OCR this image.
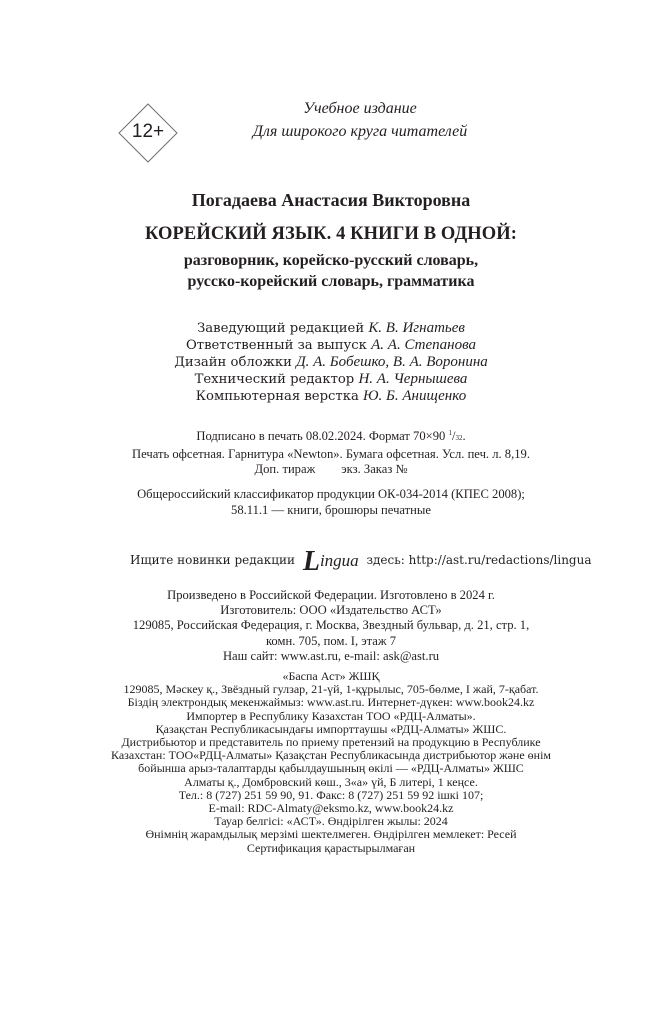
12+
Учебное издание
Для широкого круга читателей
Погадаева Анастасия Викторовна
КОРЕЙСКИЙ ЯЗЫК. 4 КНИГИ В ОДНОЙ:
разговорник, корейско-русский словарь,
русско-корейский словарь, грамматика
Заведующий редакцией К. В. Игнатьев
Ответственный за выпуск А. А. Степанова
Дизайн обложки Д. А. Бобешко, В. А. Воронина
Технический редактор Н. А. Чернышева
Компьютерная верстка Ю. Б. Анищенко
Подписано в печать 08.02.2024. Формат 70×90 $^1$/32.
Печать офсетная. Гарнитура «Newton». Бумага офсетная. Усл. печ. л. 8,19.
Доп. тираж экз. Заказ №
Общероссийский классификатор продукции ОК-034-2014 (КПЕС 2008);
58.11.1 — книги, брошюры печатные
Ищите новинки редакции Lingua здесь: http://ast.ru/redactions/lingua
Произведено в Российской Федерации. Изготовлено в 2024 г.
Изготовитель: ООО «Издательство АСТ»
129085, Российская Федерация, г. Москва, Звездный бульвар, д. 21, стр. 1,
комн. 705, пом. I, этаж 7
Наш сайт: www.ast.ru, e-mail: ask@ast.ru
«Баспа Аст» ЖШҚ
129085, Мәскеу қ., Звёздный гулзар, 21-үй, 1-құрылыс, 705-бөлме, I жай, 7-қабат.
Біздің электрондық мекенжаймыз: www.ast.ru. Интернет-дүкен: www.book24.kz
Импортер в Республику Казахстан ТОО «РДЦ-Алматы».
Қазақстан Республикасындағы импорттаушы «РДЦ-Алматы» ЖШС.
Дистрибьютор и представитель по приему претензий на продукцию в Республике
Казахстан: ТОО«РДЦ-Алматы» Қазақстан Республикасында дистрибьютор және өнім
бойынша арыз-талаптарды қабылдаушының өкілі — «РДЦ-Алматы» ЖШС
Алматы қ., Домбровский көш., 3«а» үй, Б литері, 1 кеңсе.
Тел.: 8 (727) 251 59 90, 91. Факс: 8 (727) 251 59 92 ішкі 107;
E-mail: RDC-Almaty@eksmo.kz, www.book24.kz
Тауар белгісі: «АСТ». Өндірілген жылы: 2024
Өнімнің жарамдылық мерзімі шектелмеген. Өндірілген мемлекет: Ресей
Сертификация қарастырылмаған
